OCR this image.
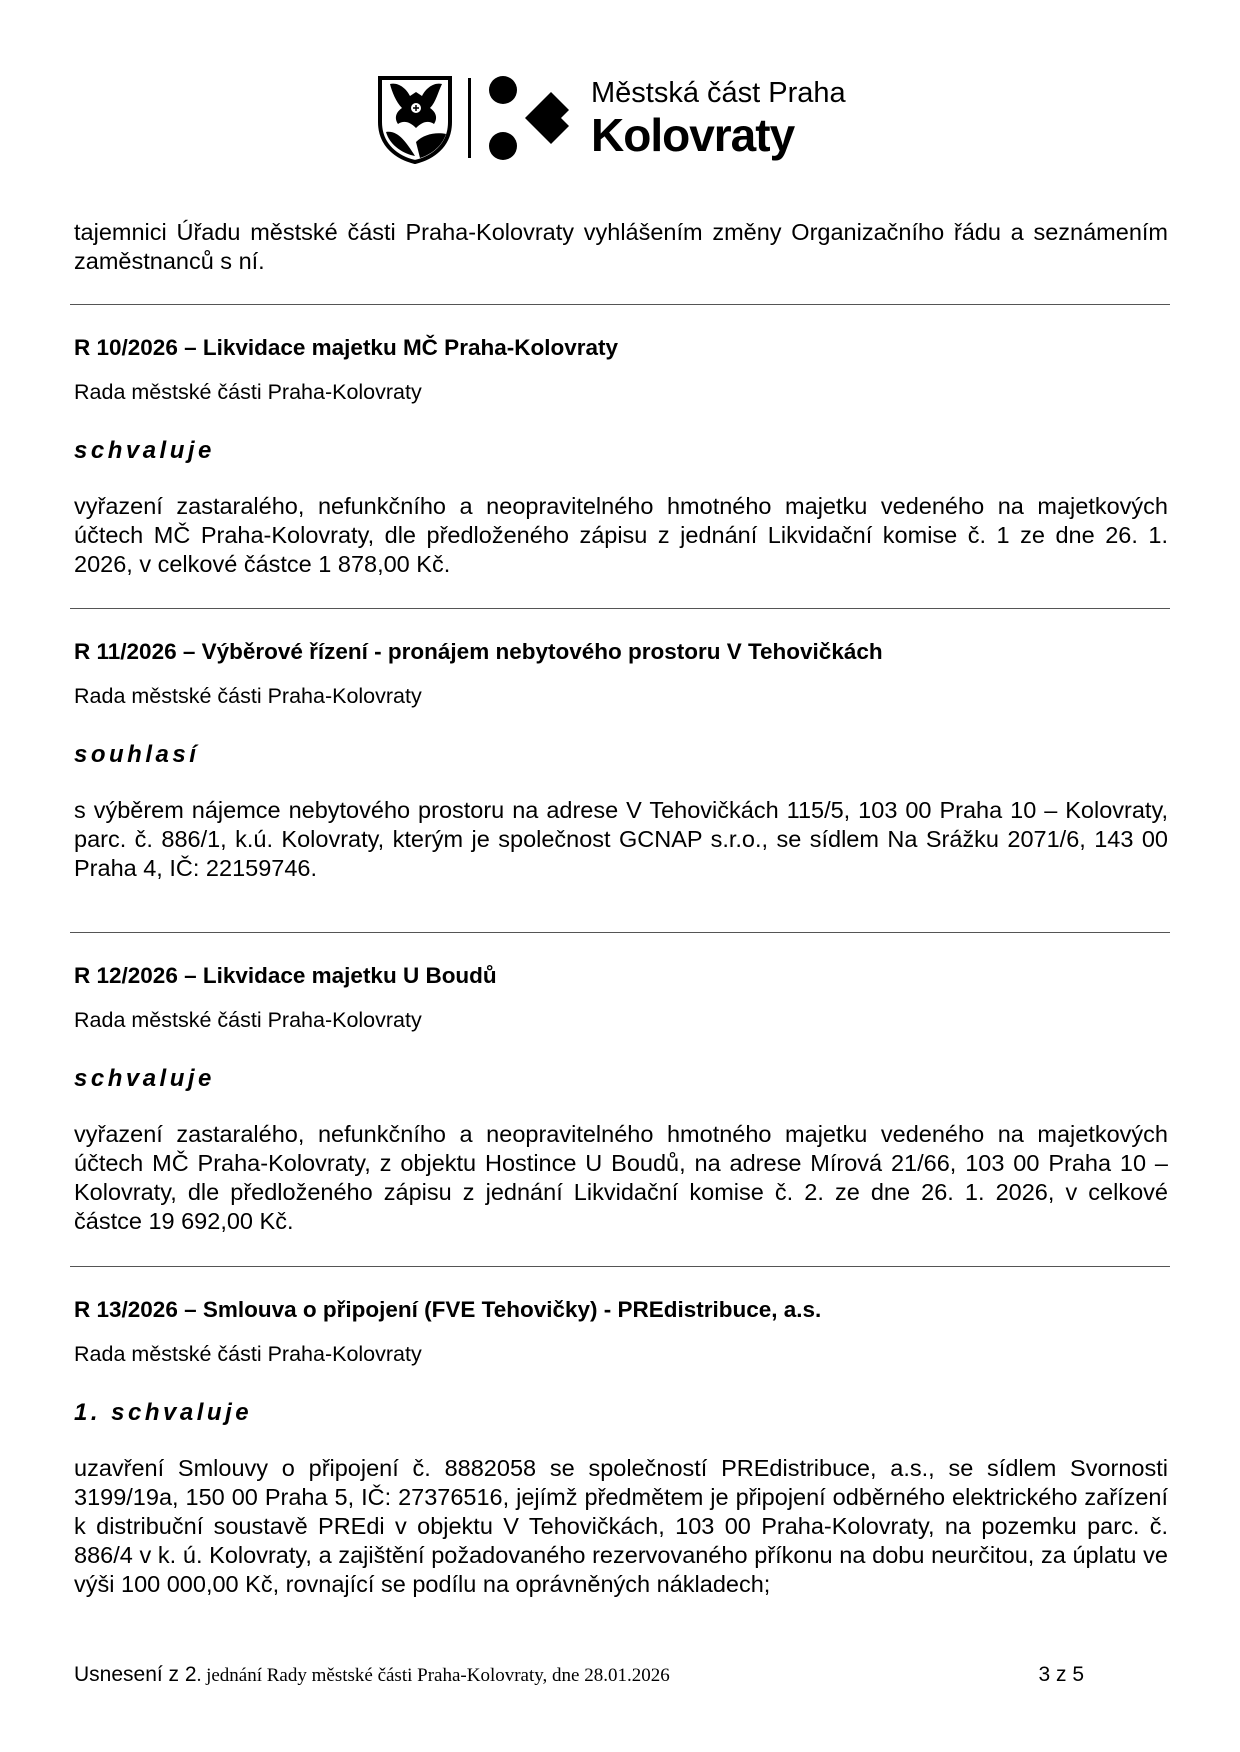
Městská část Praha
Kolovraty
tajemnici Úřadu městské části Praha-Kolovraty vyhlášením změny Organizačního řádu a seznámením zaměstnanců s ní.
R 10/2026 – Likvidace majetku MČ Praha-Kolovraty
Rada městské části Praha-Kolovraty
schvaluje
vyřazení zastaralého, nefunkčního a neopravitelného hmotného majetku vedeného na majetkových účtech MČ Praha-Kolovraty, dle předloženého zápisu z jednání Likvidační komise č. 1 ze dne 26. 1. 2026, v celkové částce 1 878,00 Kč.
R 11/2026 – Výběrové řízení - pronájem nebytového prostoru V Tehovičkách
Rada městské části Praha-Kolovraty
souhlasí
s výběrem nájemce nebytového prostoru na adrese V Tehovičkách 115/5, 103 00 Praha 10 – Kolovraty, parc. č. 886/1, k.ú. Kolovraty, kterým je společnost GCNAP s.r.o., se sídlem Na Srážku 2071/6, 143 00 Praha 4, IČ: 22159746.
R 12/2026 – Likvidace majetku U Boudů
Rada městské části Praha-Kolovraty
schvaluje
vyřazení zastaralého, nefunkčního a neopravitelného hmotného majetku vedeného na majetkových účtech MČ Praha-Kolovraty, z objektu Hostince U Boudů, na adrese Mírová 21/66, 103 00 Praha 10 – Kolovraty, dle předloženého zápisu z jednání Likvidační komise č. 2. ze dne 26. 1. 2026, v celkové částce 19 692,00 Kč.
R 13/2026 – Smlouva o připojení (FVE Tehovičky) - PREdistribuce, a.s.
Rada městské části Praha-Kolovraty
1. schvaluje
uzavření Smlouvy o připojení č. 8882058 se společností PREdistribuce, a.s., se sídlem Svornosti 3199/19a, 150 00 Praha 5, IČ: 27376516, jejímž předmětem je připojení odběrného elektrického zařízení k distribuční soustavě PREdi v objektu V Tehovičkách, 103 00 Praha-Kolovraty, na pozemku parc. č. 886/4 v k. ú. Kolovraty, a zajištění požadovaného rezervovaného příkonu na dobu neurčitou, za úplatu ve výši 100 000,00 Kč, rovnající se podílu na oprávněných nákladech;
Usnesení z 2. jednání Rady městské části Praha-Kolovraty, dne 28.01.2026	3 z 5
